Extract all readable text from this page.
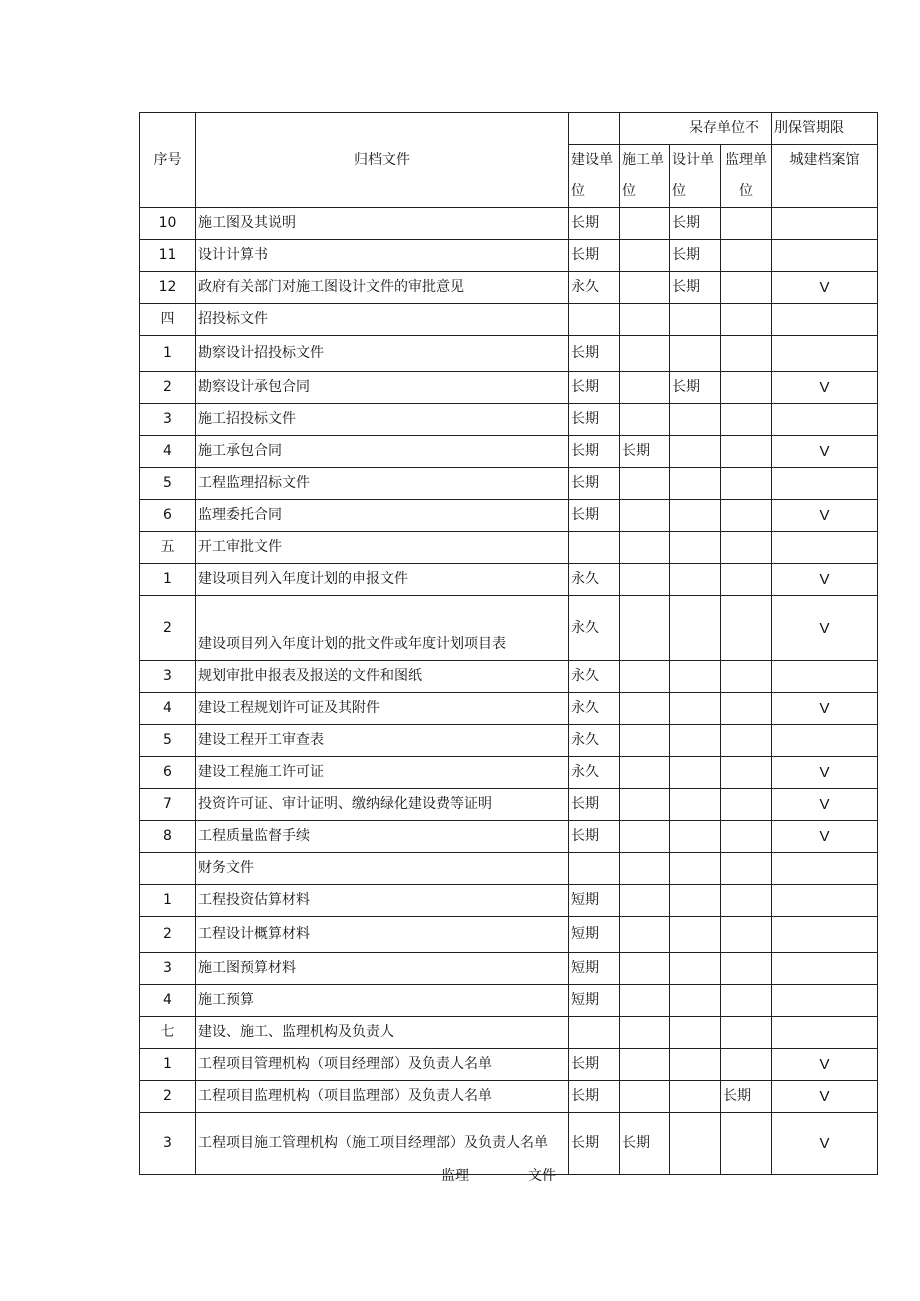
序号	归档文件		呆存单位不			刖保管期限
		建设单位	施工单位	设计单位	监理单位	城建档案馆
10	施工图及其说明	长期		长期		
11	设计计算书	长期		长期		
12	政府有关部门对施工图设计文件的审批意见	永久		长期		V
四	招投标文件					
1	勘察设计招投标文件	长期				
2	勘察设计承包合同	长期		长期		V
3	施工招投标文件	长期				
4	施工承包合同	长期	长期			V
5	工程监理招标文件	长期				
6	监理委托合同	长期				V
五	开工审批文件					
1	建设项目列入年度计划的申报文件	永久				V
2	建设项目列入年度计划的批文件或年度计划项目表	永久				V
3	规划审批申报表及报送的文件和图纸	永久				
4	建设工程规划许可证及其附件	永久				V
5	建设工程开工审查表	永久				
6	建设工程施工许可证	永久				V
7	投资许可证、审计证明、缴纳绿化建设费等证明	长期				V
8	工程质量监督手续	长期				V
	财务文件					
1	工程投资估算材料	短期				
2	工程设计概算材料	短期				
3	施工图预算材料	短期				
4	施工预算	短期				
七	建设、施工、监理机构及负责人					
1	工程项目管理机构（项目经理部）及负责人名单	长期				V
2	工程项目监理机构（项目监理部）及负责人名单	长期			长期	V
3	工程项目施工管理机构（施工项目经理部）及负责人名单	长期	长期			V
监理	文件
